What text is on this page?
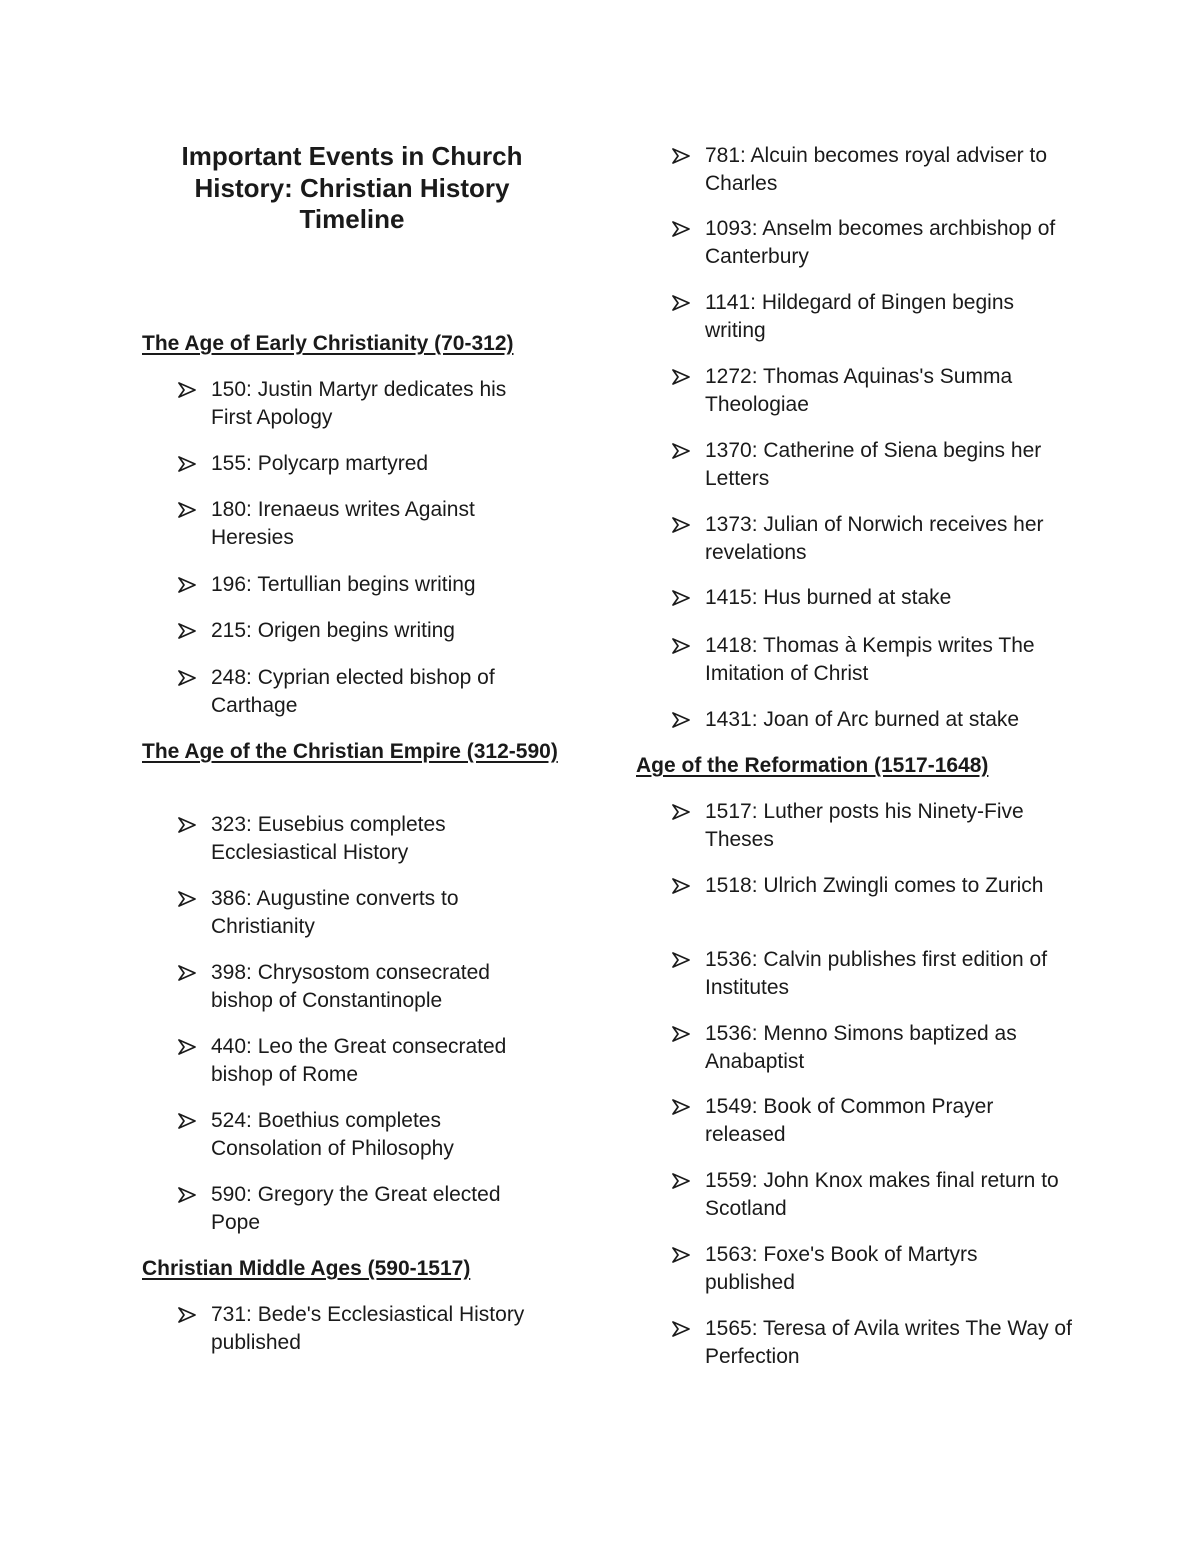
Important Events in Church
History: Christian History
Timeline
The Age of Early Christianity (70-312)
150: Justin Martyr dedicates his First Apology
155: Polycarp martyred
180: Irenaeus writes Against Heresies
196: Tertullian begins writing
215: Origen begins writing
248: Cyprian elected bishop of Carthage
The Age of the Christian Empire (312-590)
323: Eusebius completes Ecclesiastical History
386: Augustine converts to Christianity
398: Chrysostom consecrated bishop of Constantinople
440: Leo the Great consecrated bishop of Rome
524: Boethius completes Consolation of Philosophy
590: Gregory the Great elected Pope
Christian Middle Ages (590-1517)
731: Bede's Ecclesiastical History published
781: Alcuin becomes royal adviser to Charles
1093: Anselm becomes archbishop of Canterbury
1141: Hildegard of Bingen begins writing
1272: Thomas Aquinas's Summa Theologiae
1370: Catherine of Siena begins her Letters
1373: Julian of Norwich receives her revelations
1415: Hus burned at stake
1418: Thomas à Kempis writes The Imitation of Christ
1431: Joan of Arc burned at stake
Age of the Reformation (1517-1648)
1517: Luther posts his Ninety-Five Theses
1518: Ulrich Zwingli comes to Zurich
1536: Calvin publishes first edition of Institutes
1536: Menno Simons baptized as Anabaptist
1549: Book of Common Prayer released
1559: John Knox makes final return to Scotland
1563: Foxe's Book of Martyrs published
1565: Teresa of Avila writes The Way of Perfection
